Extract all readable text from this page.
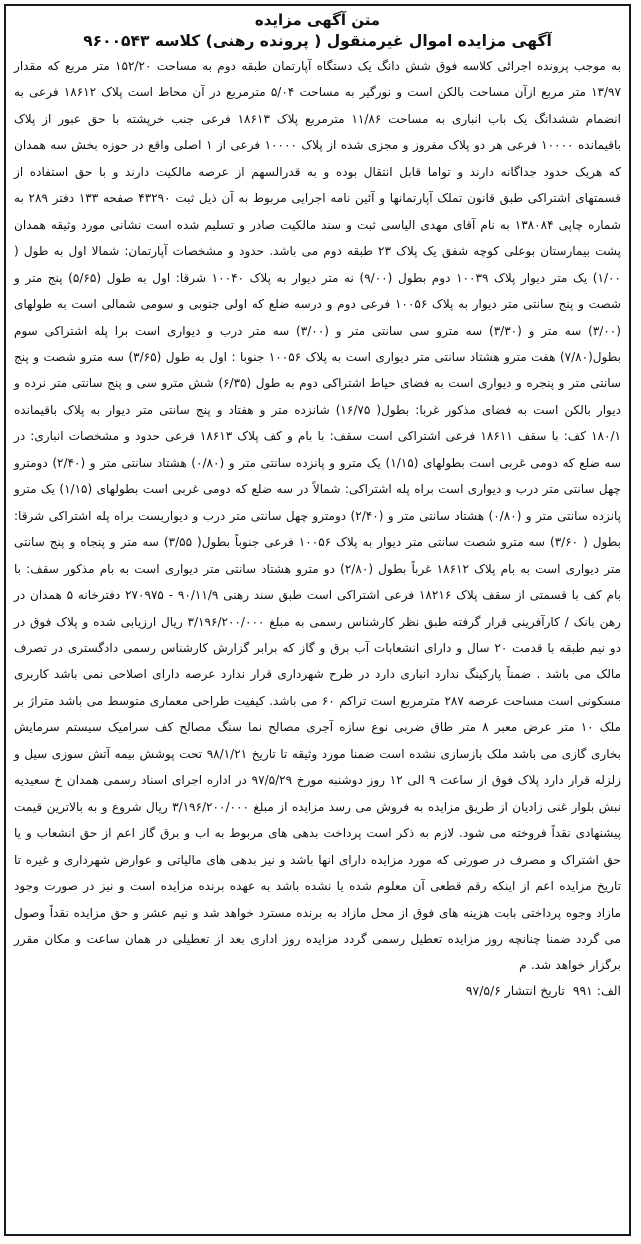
متن آگهی مزایده

آگهی مزایده اموال غیرمنقول ( پرونده رهنی) کلاسه ۹۶۰۰۵۴۳

به موجب پرونده اجرائی کلاسه فوق شش دانگ یک دستگاه آپارتمان طبقه دوم به مساحت ۱۵۲/۲۰ متر مربع که مقدار ۱۳/۹۷ متر مربع ازآن مساحت بالکن است و نورگیر به مساحت ۵/۰۴ مترمربع در آن محاط است پلاک ۱۸۶۱۲ فرعی به انضمام ششدانگ یک باب انباری به مساحت ۱۱/۸۶ مترمربع پلاک ۱۸۶۱۳ فرعی جنب خرپشته با حق عبور از پلاک باقیمانده ۱۰۰۰۰ فرعی هر دو پلاک مفروز و مجزی شده از پلاک ۱۰۰۰۰ فرعی از ۱ اصلی واقع در حوزه بخش سه همدان که هریک حدود جداگانه دارند و تواما قابل انتقال بوده و به قدرالسهم از عرصه مالکیت دارند و با حق استفاده از قسمتهای اشتراکی طبق قانون تملک آپارتمانها و آئین نامه اجرایی مربوط به آن ذیل ثبت ۴۳۲۹۰ صفحه ۱۳۳ دفتر ۲۸۹ به شماره چاپی ۱۳۸۰۸۴ به نام آقای مهدی الیاسی ثبت و سند مالکیت صادر و تسلیم شده است نشانی مورد وثیقه همدان پشت بیمارستان بوعلی کوچه شفق یک پلاک ۲۳ طبقه دوم می باشد. حدود و مشخصات آپارتمان: شمالا اول به طول ( ۱/۰۰) یک متر دیوار پلاک ۱۰۰۳۹ دوم بطول (۹/۰۰) نه متر دیوار به پلاک ۱۰۰۴۰ شرقا: اول به طول (۵/۶۵) پنج متر و شصت و پنج سانتی متر دیوار به پلاک ۱۰۰۵۶ فرعی دوم و درسه ضلع که اولی جنوبی و سومی شمالی است به طولهای (۳/۰۰) سه متر و (۳/۳۰) سه مترو سی سانتی متر و (۳/۰۰) سه متر درب و دیواری است برا پله اشتراکی سوم بطول(۷/۸۰) هفت مترو هشتاد سانتی متر دیواری است به پلاک ۱۰۰۵۶ جنوبا : اول به طول (۳/۶۵) سه مترو شصت و پنج سانتی متر و پنجره و دیواری است به فضای حیاط اشتراکی دوم به طول (۶/۳۵) شش مترو سی و پنج سانتی متر نرده و دیوار بالکن است به فضای مذکور غربا: بطول( ۱۶/۷۵) شانزده متر و هفتاد و پنج سانتی متر دیوار به پلاک باقیمانده ۱۸۰/۱ کف: با سقف ۱۸۶۱۱ فرعی اشتراکی است سقف: با بام و کف پلاک ۱۸۶۱۳ فرعی حدود و مشخصات انباری: در سه ضلع که دومی غربی است بطولهای (۱/۱۵) یک مترو و پانزده سانتی متر و (۰/۸۰) هشتاد سانتی متر و (۲/۴۰) دومترو چهل سانتی متر درب و دیواری است براه پله اشتراکی: شمالاً در سه ضلع که دومی غربی است بطولهای (۱/۱۵) یک مترو پانزده سانتی متر و (۰/۸۰) هشتاد سانتی متر و (۲/۴۰) دومترو چهل سانتی متر درب و دیواریست براه پله اشتراکی شرقا: بطول ( ۳/۶۰) سه مترو شصت سانتی متر دیوار به پلاک ۱۰۰۵۶ فرعی جنوباً بطول( ۳/۵۵) سه متر و پنجاه و پنج سانتی متر دیواری است به بام پلاک ۱۸۶۱۲ غرباً بطول (۲/۸۰) دو مترو هشتاد سانتی متر دیواری است به بام مذکور سقف: با بام کف با قسمتی از سقف پلاک ۱۸۲۱۶ فرعی اشتراکی است طبق سند رهنی ۹۰/۱۱/۹ - ۲۷۰۹۷۵ دفترخانه ۵ همدان در رهن بانک / کارآفرینی قرار گرفته طبق نظر کارشناس رسمی به مبلغ ۳/۱۹۶/۲۰۰/۰۰۰ ریال ارزیابی شده و پلاک فوق در دو نیم طبقه با قدمت ۲۰ سال و دارای انشعابات آب برق و گاز که برابر گزارش کارشناس رسمی دادگستری در تصرف مالک می باشد . ضمناً پارکینگ ندارد انباری دارد در طرح شهرداری قرار ندارد عرصه دارای اصلاحی نمی باشد کاربری مسکونی است مساحت عرصه ۲۸۷ مترمربع است تراکم ۶۰ می باشد. کیفیت طراحی معماری متوسط می باشد متراژ بر ملک ۱۰ متر عرض معبر ۸ متر طاق ضربی نوع سازه آجری مصالح نما سنگ مصالح کف سرامیک سیستم سرمایش بخاری گازی می باشد ملک بازسازی نشده است ضمنا مورد وثیقه تا تاریخ ۹۸/۱/۲۱ تحت پوشش بیمه آتش سوزی سیل و زلزله قرار دارد پلاک فوق از ساعت ۹ الی ۱۲ روز دوشنبه مورخ ۹۷/۵/۲۹ در اداره اجرای اسناد رسمی همدان خ سعیدیه نبش بلوار غنی زادیان از طریق مزایده به فروش می رسد مزایده از مبلغ ۳/۱۹۶/۲۰۰/۰۰۰ ریال شروع و به بالاترین قیمت پیشنهادی نقداً فروخته می شود. لازم به ذکر است پرداخت بدهی های مربوط به اب و برق گاز اعم از حق انشعاب و یا حق اشتراک و مصرف در صورتی که مورد مزایده دارای انها باشد و نیز بدهی های مالیاتی و عوارض شهرداری و غیره تا تاریخ مزایده اعم از اینکه رقم قطعی آن معلوم شده یا نشده باشد به عهده برنده مزایده است و نیز در صورت وجود مازاد وجوه پرداختی بابت هزینه های فوق از محل مازاد به برنده مسترد خواهد شد و نیم عشر و حق مزایده نقداً وصول می گردد ضمنا چنانچه روز مزایده تعطیل رسمی گردد مزایده روز اداری بعد از تعطیلی در همان ساعت و مکان مقرر برگزار خواهد شد. م

الف: ۹۹۱
تاریخ انتشار ۹۷/۵/۶
